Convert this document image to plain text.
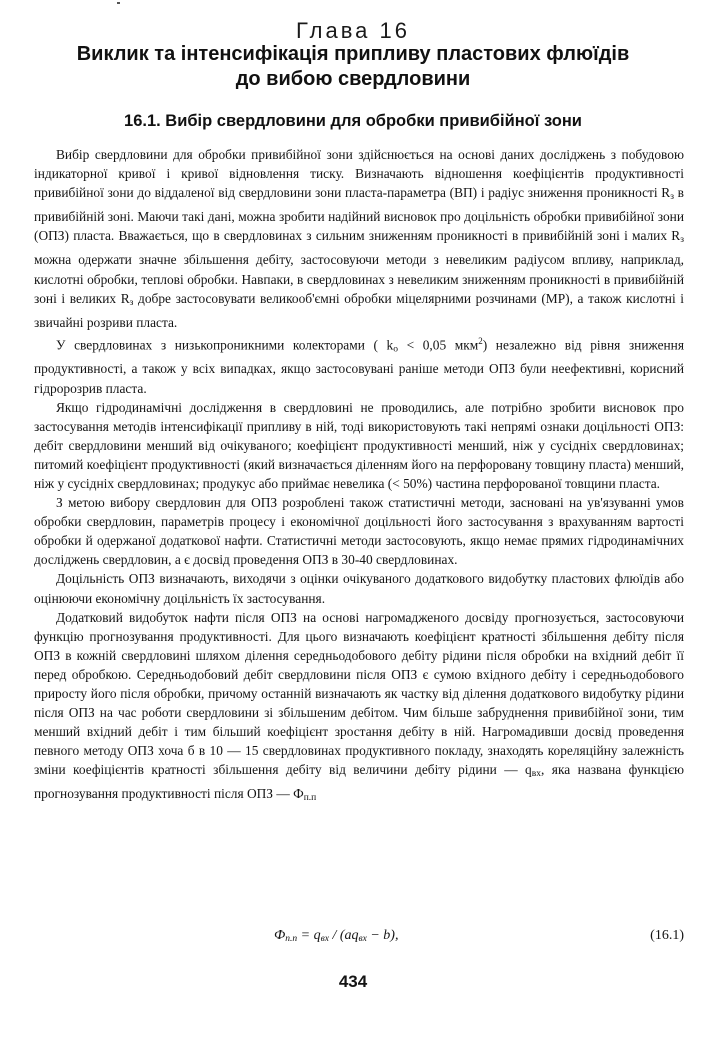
Глава 16
Виклик та інтенсифікація припливу пластових флюїдів
до вибою свердловини
16.1. Вибір свердловини для обробки привибійної зони

Вибір свердловини для обробки привибійної зони здійснюється на основі даних досліджень з побудовою індикаторної кривої і кривої відновлення тиску. Визначають відношення коефіцієнтів продуктивності привибійної зони до віддаленої від свердловини зони пласта-параметра (ВП) і радіус зниження проникності $R_з$ в привибійній зоні. Маючи такі дані, можна зробити надійний висновок про доцільність обробки привибійної зони (ОПЗ) пласта. Вважається, що в свердловинах з сильним зниженням проникності в привибійній зоні і малих $R_з$ можна одержати значне збільшення дебіту, застосовуючи методи з невеликим радіусом впливу, наприклад, кислотні обробки, теплові обробки. Навпаки, в свердловинах з невеликим зниженням проникності в привибійній зоні і великих $R_з$ добре застосовувати великооб'ємні обробки міцелярними розчинами (МР), а також кислотні і звичайні розриви пласта.

У свердловинах з низькопроникними колекторами ( $k_о < 0,05$ мкм$^2$) незалежно від рівня зниження продуктивності, а також у всіх випадках, якщо застосовувані раніше методи ОПЗ були неефективні, корисний гідророзрив пласта.

Якщо гідродинамічні дослідження в свердловині не проводились, але потрібно зробити висновок про застосування методів інтенсифікації припливу в ній, тоді використовують такі непрямі ознаки доцільності ОПЗ: дебіт свердловини менший від очікуваного; коефіцієнт продуктивності менший, ніж у сусідніх свердловинах; питомий коефіцієнт продуктивності (який визначається діленням його на перфоровану товщину пласта) менший, ніж у сусідніх свердловинах; продукус або приймає невелика (< 50%) частина перфорованої товщини пласта.

З метою вибору свердловин для ОПЗ розроблені також статистичні методи, засновані на ув'язуванні умов обробки свердловин, параметрів процесу і економічної доцільності його застосування з врахуванням вартості обробки й одержаної додаткової нафти. Статистичні методи застосовують, якщо немає прямих гідродинамічних досліджень свердловин, а є досвід проведення ОПЗ в 30-40 свердловинах.

Доцільність ОПЗ визначають, виходячи з оцінки очікуваного додаткового видобутку пластових флюїдів або оцінюючи економічну доцільність їх застосування.

Додатковий видобуток нафти після ОПЗ на основі нагромадженого досвіду прогнозується, застосовуючи функцію прогнозування продуктивності. Для цього визначають коефіцієнт кратності збільшення дебіту після ОПЗ в кожній свердловині шляхом ділення середньодобового дебіту рідини після обробки на вхідний дебіт її перед обробкою. Середньодобовий дебіт свердловини після ОПЗ є сумою вхідного дебіту і середньодобового приросту його після обробки, причому останній визначають як частку від ділення додаткового видобутку рідини після ОПЗ на час роботи свердловини зі збільшеним дебітом. Чим більше забруднення привибійної зони, тим менший вхідний дебіт і тим більший коефіцієнт зростання дебіту в ній. Нагромадивши досвід проведення певного методу ОПЗ хоча б в 10 — 15 свердловинах продуктивного покладу, знаходять кореляційну залежність зміни коефіцієнтів кратності збільшення дебіту від величини дебіту рідини — $q_{вх}$, яка названа функцією прогнозування продуктивності після ОПЗ — $Ф_{п.п}$

$Ф_{п.п} = q_{вх} / (aq_{вх} - b)$,	(16.1)
434
